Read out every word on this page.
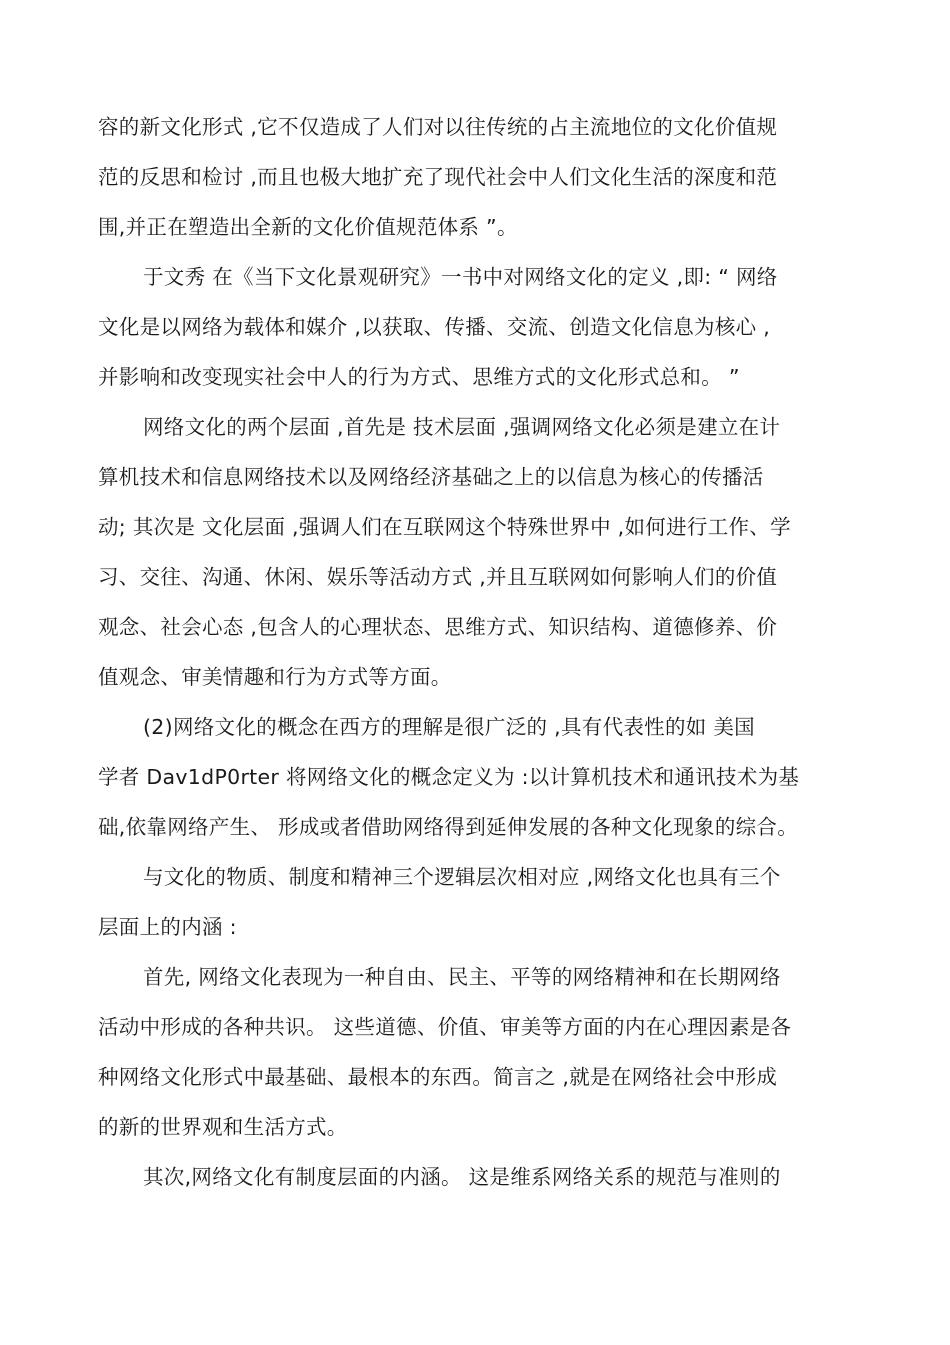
容的新文化形式 ,它不仅造成了人们对以往传统的占主流地位的文化价值规
范的反思和检讨 ,而且也极大地扩充了现代社会中人们文化生活的深度和范
围,并正在塑造出全新的文化价值规范体系 ”。
于文秀 在《当下文化景观研究》一书中对网络文化的定义 ,即: “ 网络
文化是以网络为载体和媒介 ,以获取、传播、交流、创造文化信息为核心 ,
并影响和改变现实社会中人的行为方式、思维方式的文化形式总和。 ”
网络文化的两个层面 ,首先是 技术层面 ,强调网络文化必须是建立在计
算机技术和信息网络技术以及网络经济基础之上的以信息为核心的传播活
动; 其次是 文化层面 ,强调人们在互联网这个特殊世界中 ,如何进行工作、学
习、交往、沟通、休闲、娱乐等活动方式 ,并且互联网如何影响人们的价值
观念、社会心态 ,包含人的心理状态、思维方式、知识结构、道德修养、价
值观念、审美情趣和行为方式等方面。
(2)网络文化的概念在西方的理解是很广泛的 ,具有代表性的如 美国
学者 Dav1dP0rter 将网络文化的概念定义为 :以计算机技术和通讯技术为基
础,依靠网络产生、 形成或者借助网络得到延伸发展的各种文化现象的综合。
与文化的物质、制度和精神三个逻辑层次相对应 ,网络文化也具有三个
层面上的内涵 :
首先, 网络文化表现为一种自由、民主、平等的网络精神和在长期网络
活动中形成的各种共识。 这些道德、价值、审美等方面的内在心理因素是各
种网络文化形式中最基础、最根本的东西。简言之 ,就是在网络社会中形成
的新的世界观和生活方式。
其次,网络文化有制度层面的内涵。 这是维系网络关系的规范与准则的
